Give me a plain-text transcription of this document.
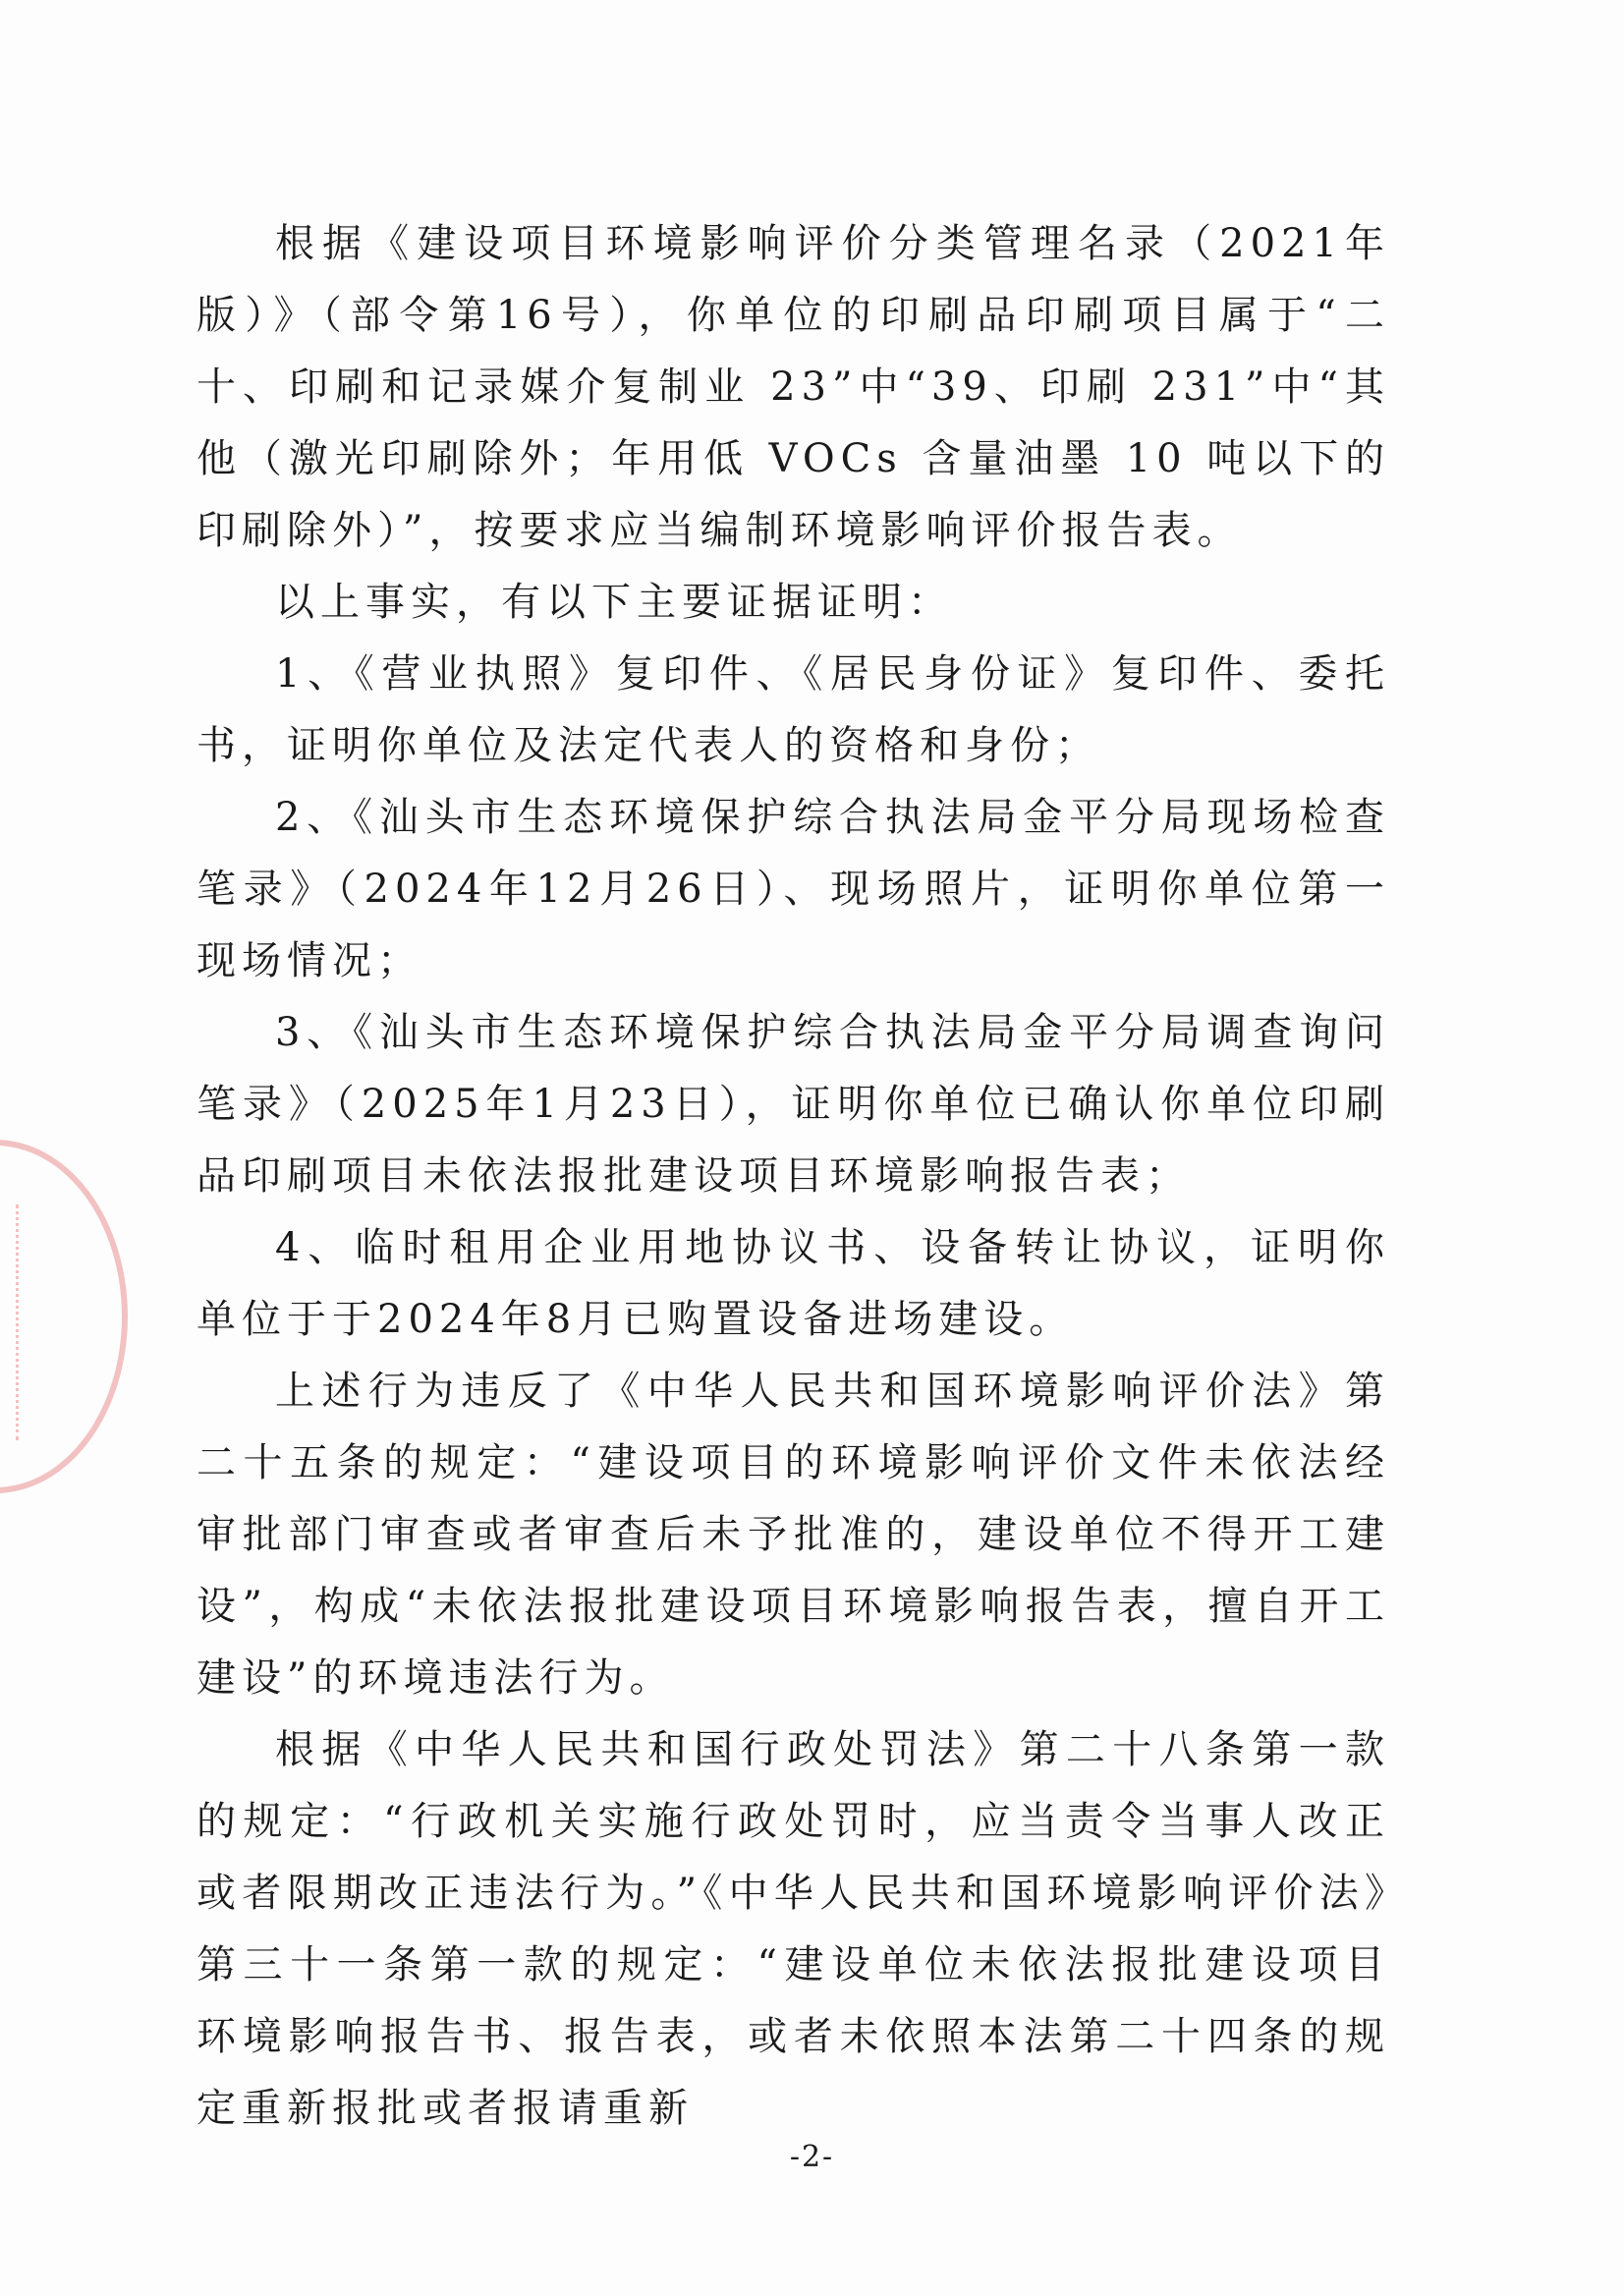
根据《建设项目环境影响评价分类管理名录（2021年版）》（部令第16号），你单位的印刷品印刷项目属于“二十、印刷和记录媒介复制业 23”中“39、印刷 231”中“其他（激光印刷除外；年用低 VOCs 含量油墨 10 吨以下的印刷除外）”，按要求应当编制环境影响评价报告表。

以上事实，有以下主要证据证明：

1、《营业执照》复印件、《居民身份证》复印件、委托书，证明你单位及法定代表人的资格和身份；

2、《汕头市生态环境保护综合执法局金平分局现场检查笔录》（2024年12月26日）、现场照片，证明你单位第一现场情况；

3、《汕头市生态环境保护综合执法局金平分局调查询问笔录》（2025年1月23日），证明你单位已确认你单位印刷品印刷项目未依法报批建设项目环境影响报告表；

4、临时租用企业用地协议书、设备转让协议，证明你单位于于2024年8月已购置设备进场建设。

上述行为违反了《中华人民共和国环境影响评价法》第二十五条的规定：“建设项目的环境影响评价文件未依法经审批部门审查或者审查后未予批准的，建设单位不得开工建设”，构成“未依法报批建设项目环境影响报告表，擅自开工建设”的环境违法行为。

根据《中华人民共和国行政处罚法》第二十八条第一款的规定：“行政机关实施行政处罚时，应当责令当事人改正或者限期改正违法行为。”《中华人民共和国环境影响评价法》第三十一条第一款的规定：“建设单位未依法报批建设项目环境影响报告书、报告表，或者未依照本法第二十四条的规定重新报批或者报请重新

-2-
